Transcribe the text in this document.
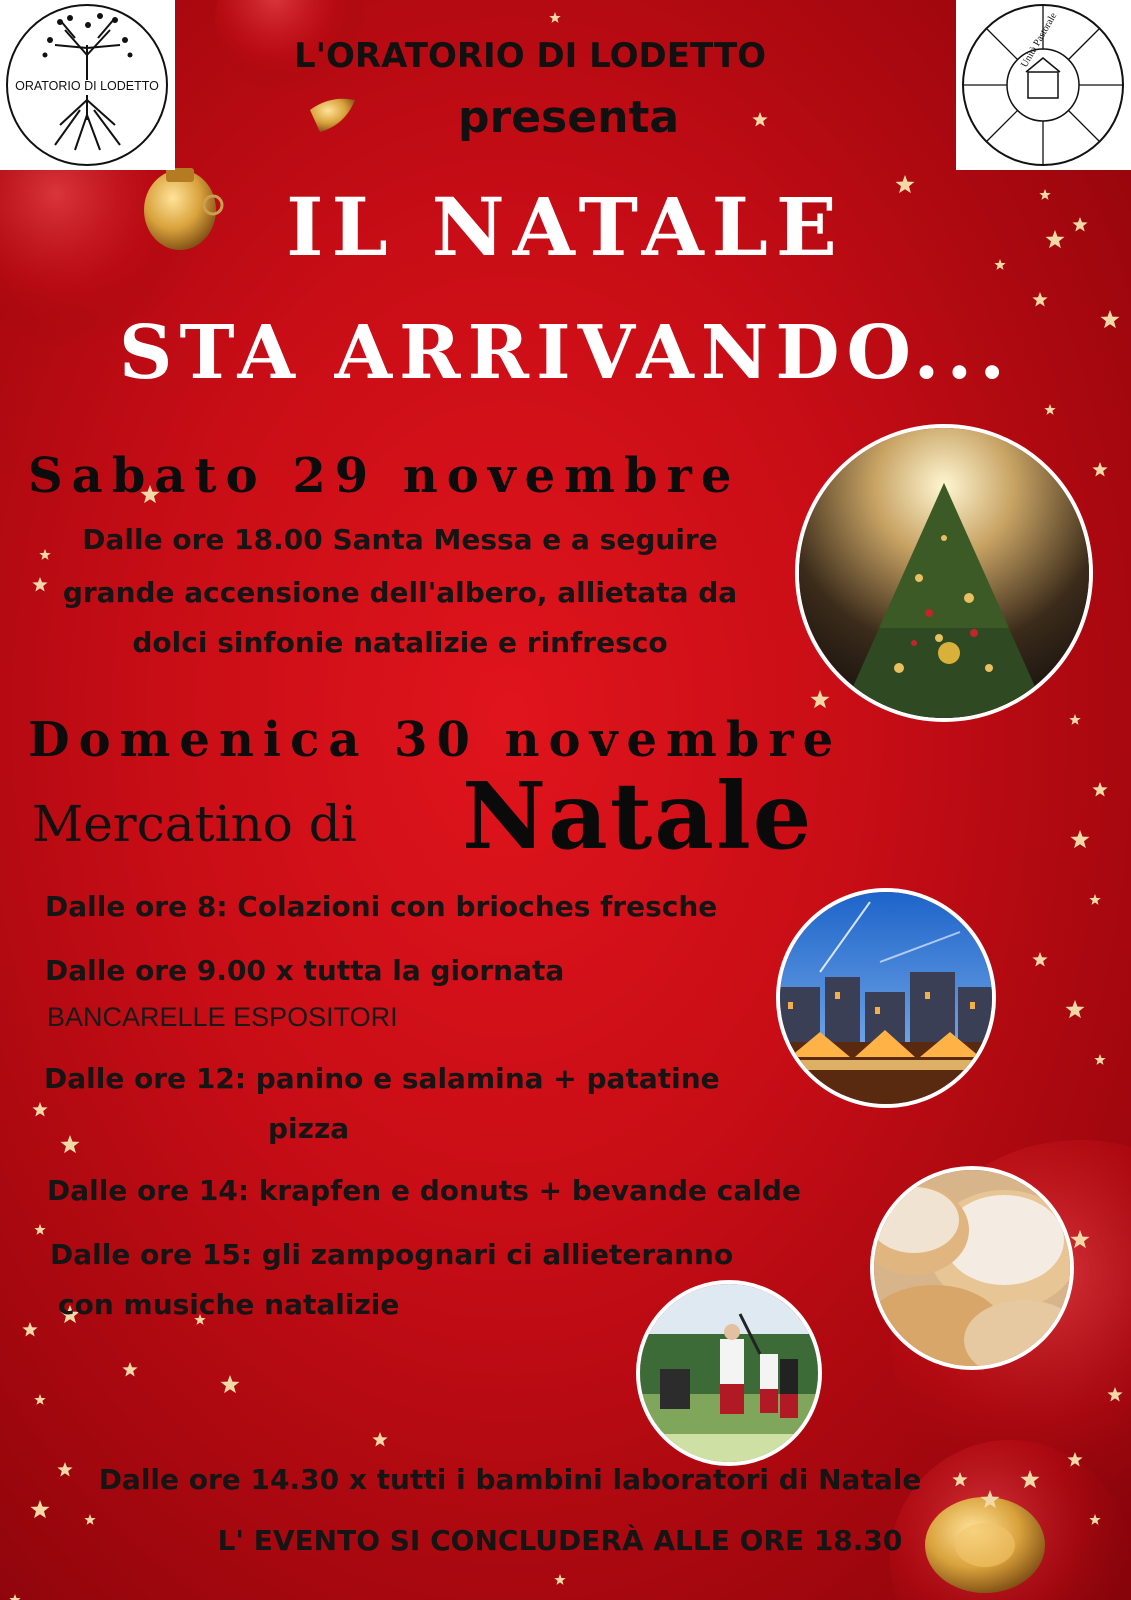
ORATORIO DI LODETTO
Unità Pastorale
L'ORATORIO DI LODETTO
presenta
IL NATALE
STA ARRIVANDO...
Sabato 29 novembre
Dalle ore 18.00 Santa Messa e a seguire
grande accensione dell'albero, allietata da
dolci sinfonie natalizie e rinfresco
Domenica 30 novembre
Mercatino di Natale
Dalle ore 8: Colazioni con brioches fresche
Dalle ore 9.00 x tutta la giornata
BANCARELLE ESPOSITORI
Dalle ore 12: panino e salamina + patatine
pizza
Dalle ore 14: krapfen e donuts + bevande calde
Dalle ore 15: gli zampognari ci allieteranno
con musiche natalizie
Dalle ore 14.30 x tutti i bambini laboratori di Natale
L' EVENTO SI CONCLUDERÀ ALLE ORE 18.30
